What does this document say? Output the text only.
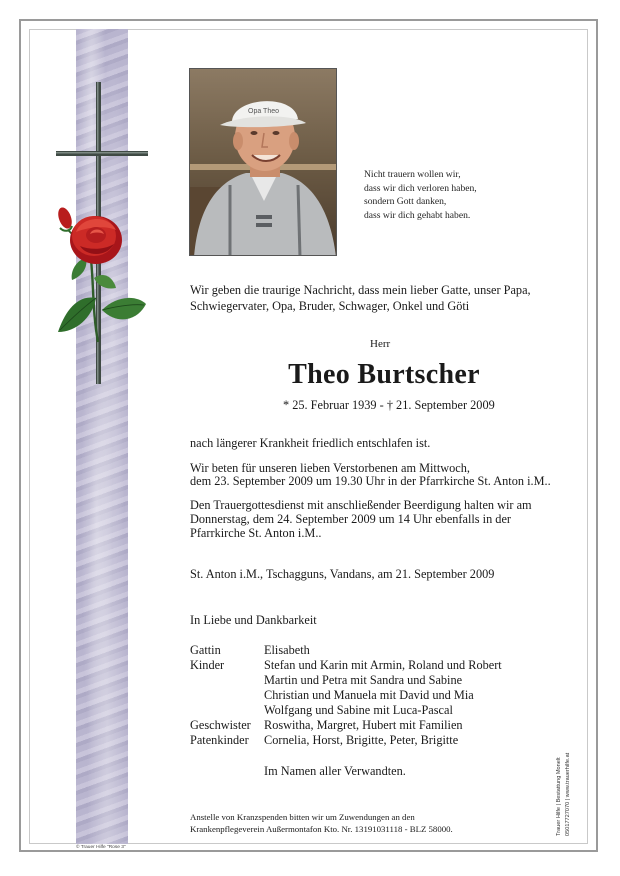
Opa Theo
Nicht trauern wollen wir,
dass wir dich verloren haben,
sondern Gott danken,
dass wir dich gehabt haben.
Wir geben die traurige Nachricht, dass mein lieber Gatte, unser Papa,
Schwiegervater, Opa, Bruder, Schwager, Onkel und Göti
Herr
Theo Burtscher
* 25. Februar 1939 - † 21. September 2009
nach längerer Krankheit friedlich entschlafen ist.
Wir beten für unseren lieben Verstorbenen am Mittwoch,
dem 23. September 2009 um 19.30 Uhr in der Pfarrkirche St. Anton i.M..
Den Trauergottesdienst mit anschließender Beerdigung halten wir am
Donnerstag, dem 24. September 2009 um 14 Uhr ebenfalls in der
Pfarrkirche St. Anton i.M..
St. Anton i.M., Tschagguns, Vandans, am 21. September 2009
In Liebe und Dankbarkeit
Gattin	Elisabeth
Kinder	Stefan und Karin mit Armin, Roland und Robert
Martin und Petra mit Sandra und Sabine
Christian und Manuela mit David und Mia
Wolfgang und Sabine mit Luca-Pascal
Geschwister Roswitha, Margret, Hubert mit Familien
Patenkinder Cornelia, Horst, Brigitte, Peter, Brigitte
Im Namen aller Verwandten.
Anstelle von Kranzspenden bitten wir um Zuwendungen an den
Krankenpflegeverein Außermontafon Kto. Nr. 13191031118 - BLZ 58000.	Trauer Hilfe | Bestattung Monelt 05017727070 | www.trauerhilfe.at
© Trauer Hilfe "Rose 3"
